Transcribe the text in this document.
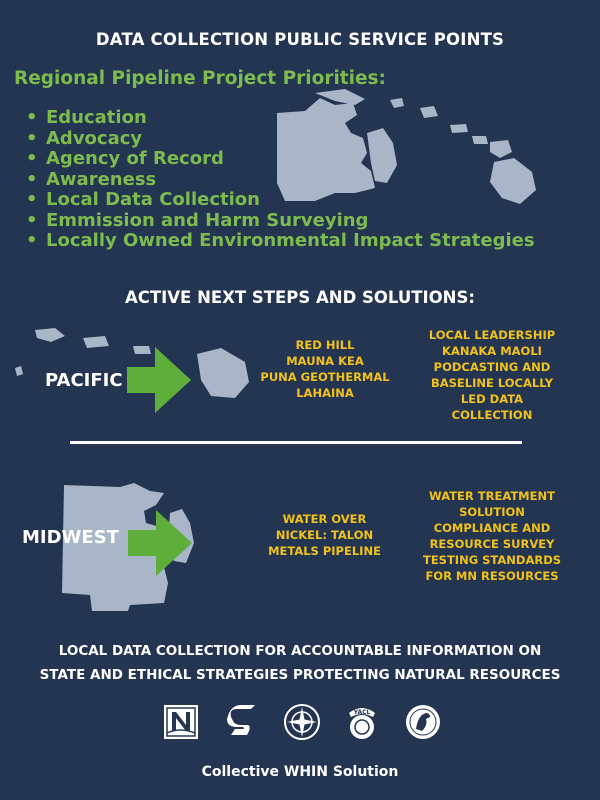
DATA COLLECTION PUBLIC SERVICE POINTS
Regional Pipeline Project Priorities:
• Education
• Advocacy
• Agency of Record
• Awareness
• Local Data Collection
• Emmission and Harm Surveying
• Locally Owned Environmental Impact Strategies
ACTIVE NEXT STEPS AND SOLUTIONS:
PACIFIC
RED HILL
MAUNA KEA
PUNA GEOTHERMAL
LAHAINA
LOCAL LEADERSHIP
KANAKA MAOLI
PODCASTING AND
BASELINE LOCALLY
LED DATA
COLLECTION
MIDWEST
WATER OVER
NICKEL: TALON
METALS PIPELINE
WATER TREATMENT
SOLUTION
COMPLIANCE AND
RESOURCE SURVEY
TESTING STANDARDS
FOR MN RESOURCES
LOCAL DATA COLLECTION FOR ACCOUNTABLE INFORMATION ON
STATE AND ETHICAL STRATEGIES PROTECTING NATURAL RESOURCES
YACL
Collective WHIN Solution
